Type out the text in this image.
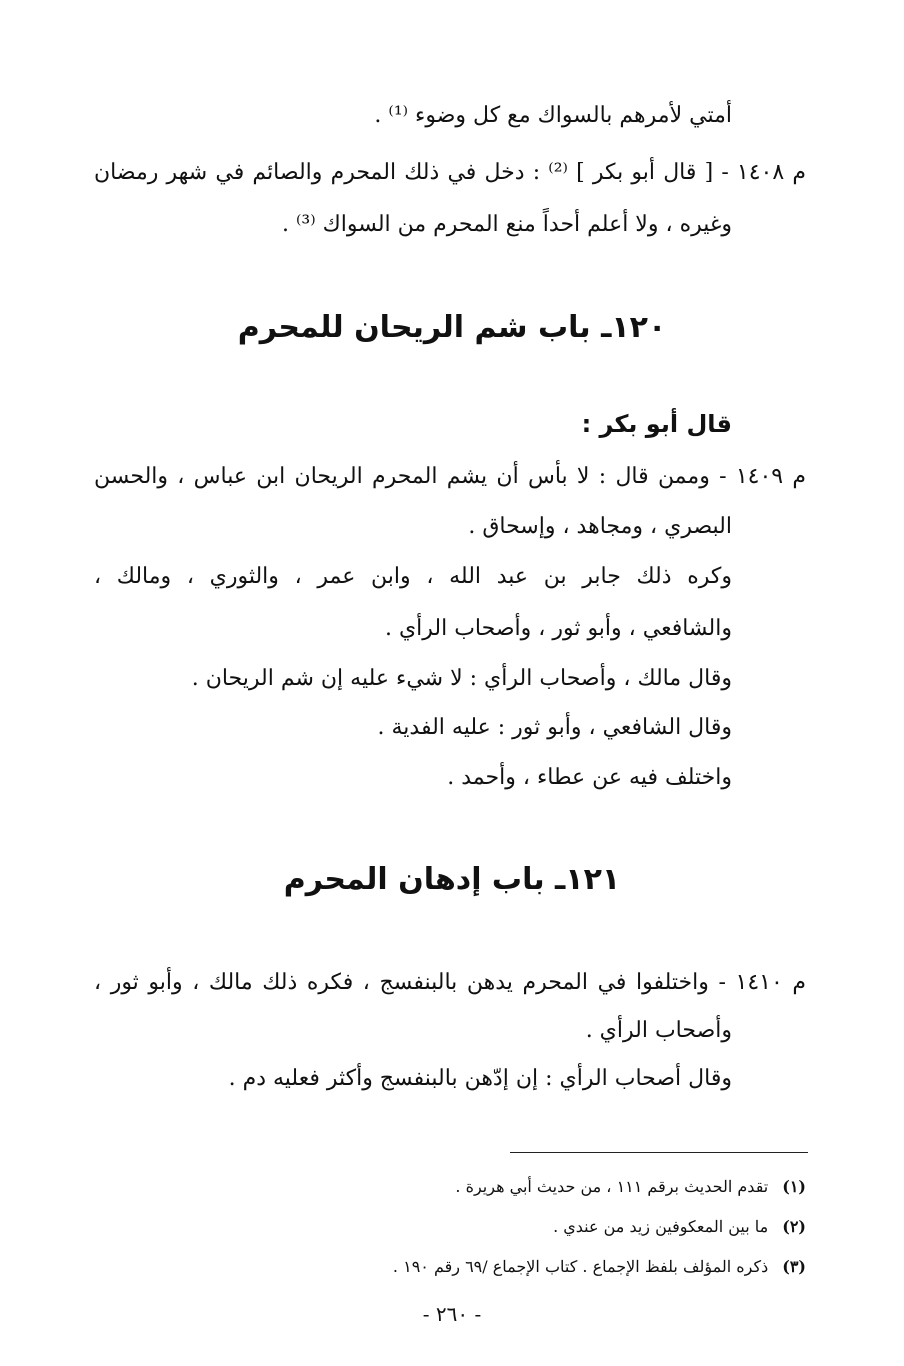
أمتي لأمرهم بالسواك مع كل وضوء ⁽¹⁾ .
م ١٤٠٨ - [ قال أبو بكر ] ⁽²⁾ : دخل في ذلك المحرم والصائم في شهر رمضان
وغيره ، ولا أعلم أحداً منع المحرم من السواك ⁽³⁾ .
١٢٠ـ باب شم الريحان للمحرم
قال أبو بكر :
م ١٤٠٩ - وممن قال : لا بأس أن يشم المحرم الريحان ابن عباس ، والحسن
البصري ، ومجاهد ، وإسحاق .
وكره ذلك جابر بن عبد الله ، وابن عمر ، والثوري ، ومالك ،
والشافعي ، وأبو ثور ، وأصحاب الرأي .
وقال مالك ، وأصحاب الرأي : لا شيء عليه إن شم الريحان .
وقال الشافعي ، وأبو ثور : عليه الفدية .
واختلف فيه عن عطاء ، وأحمد .
١٢١ـ باب إدهان المحرم
م ١٤١٠ - واختلفوا في المحرم يدهن بالبنفسج ، فكره ذلك مالك ، وأبو ثور ،
وأصحاب الرأي .
وقال أصحاب الرأي : إن إدّهن بالبنفسج وأكثر فعليه دم .
(١)تقدم الحديث برقم ١١١ ، من حديث أبي هريرة .
(٢)ما بين المعكوفين زيد من عندي .
(٣)ذكره المؤلف بلفظ الإجماع . كتاب الإجماع /٦٩ رقم ١٩٠ .
- ٢٦٠ -
